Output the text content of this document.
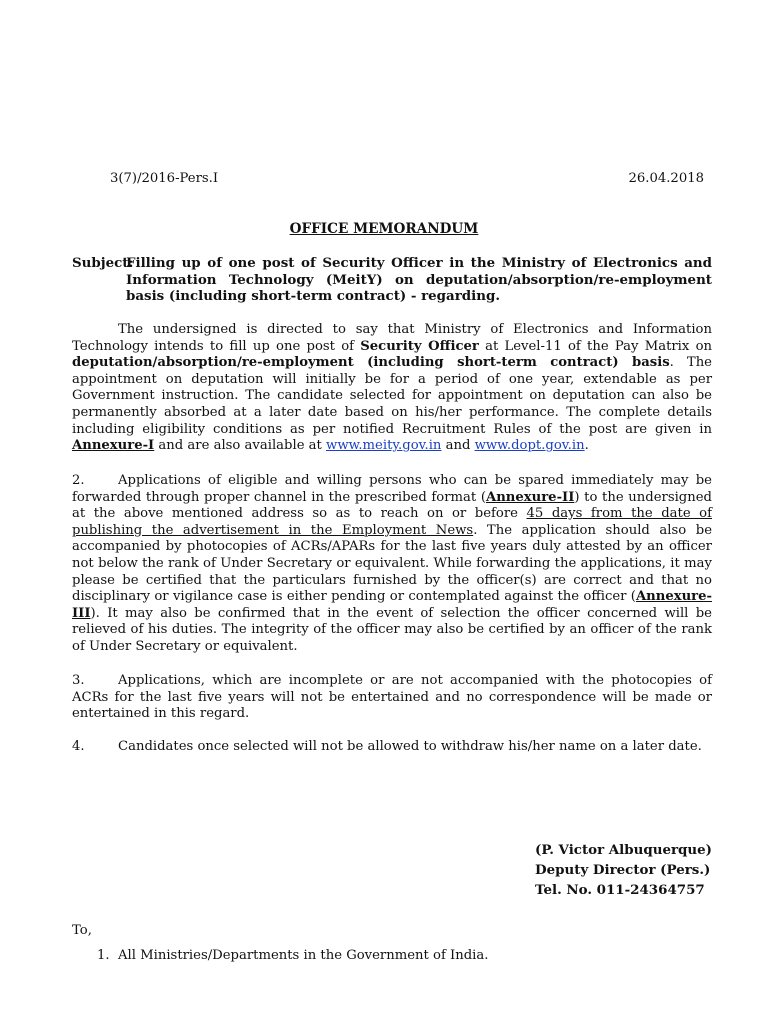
3(7)/2016-Pers.I	26.04.2018
OFFICE MEMORANDUM
Subject:
Filling up of one post of Security Officer in the Ministry of Electronics and Information Technology (MeitY) on deputation/absorption/re-employment basis (including short-term contract) - regarding.
The undersigned is directed to say that Ministry of Electronics and Information Technology intends to fill up one post of Security Officer at Level-11 of the Pay Matrix on deputation/absorption/re-employment (including short-term contract) basis. The appointment on deputation will initially be for a period of one year, extendable as per Government instruction. The candidate selected for appointment on deputation can also be permanently absorbed at a later date based on his/her performance. The complete details including eligibility conditions as per notified Recruitment Rules of the post are given in Annexure-I and are also available at www.meity.gov.in and www.dopt.gov.in.
2.	Applications of eligible and willing persons who can be spared immediately may be forwarded through proper channel in the prescribed format (Annexure-II) to the undersigned at the above mentioned address so as to reach on or before 45 days from the date of publishing the advertisement in the Employment News. The application should also be accompanied by photocopies of ACRs/APARs for the last five years duly attested by an officer not below the rank of Under Secretary or equivalent. While forwarding the applications, it may please be certified that the particulars furnished by the officer(s) are correct and that no disciplinary or vigilance case is either pending or contemplated against the officer (Annexure-III). It may also be confirmed that in the event of selection the officer concerned will be relieved of his duties. The integrity of the officer may also be certified by an officer of the rank of Under Secretary or equivalent.
3.	Applications, which are incomplete or are not accompanied with the photocopies of ACRs for the last five years will not be entertained and no correspondence will be made or entertained in this regard.
4.	Candidates once selected will not be allowed to withdraw his/her name on a later date.
(P. Victor Albuquerque)
Deputy Director (Pers.)
Tel. No. 011-24364757
To,
1.  All Ministries/Departments in the Government of India.
